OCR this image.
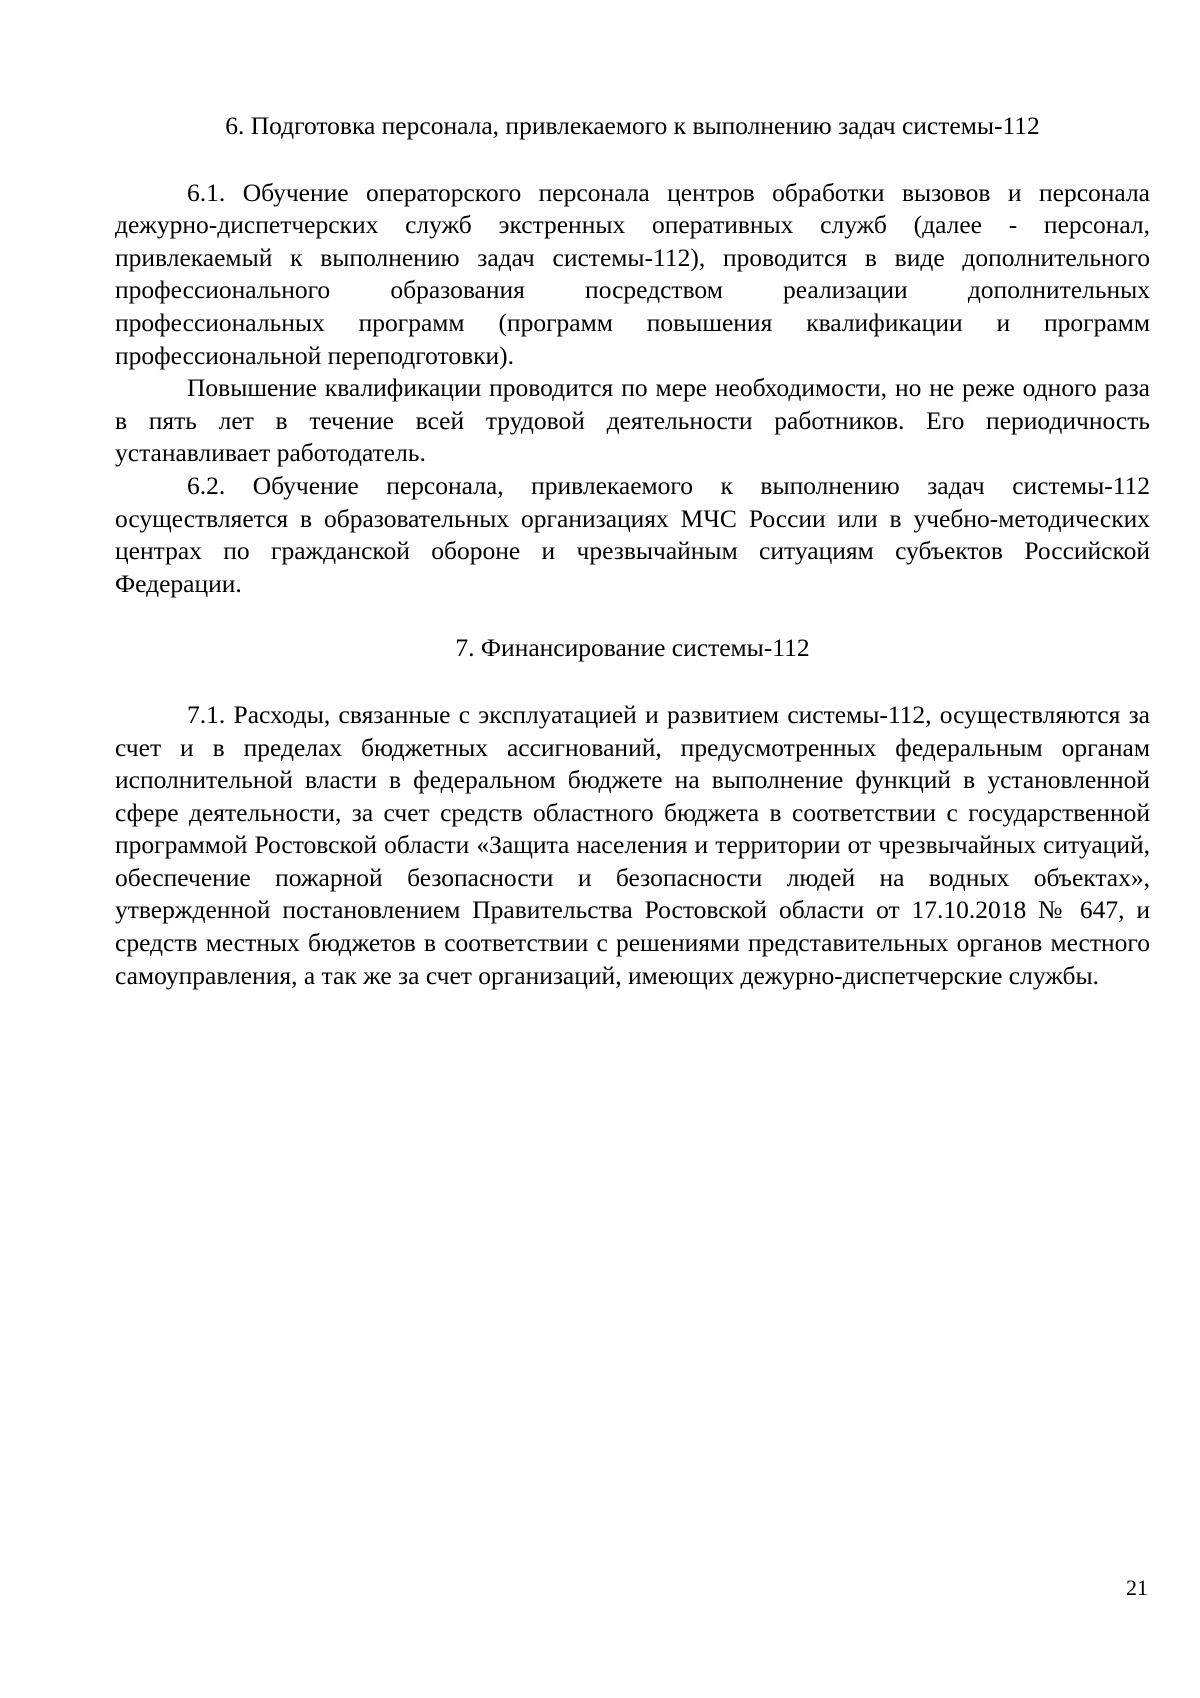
6. Подготовка персонала, привлекаемого к выполнению задач системы-112

6.1. Обучение операторского персонала центров обработки вызовов и персонала дежурно-диспетчерских служб экстренных оперативных служб (далее - персонал, привлекаемый к выполнению задач системы-112), проводится в виде дополнительного профессионального образования посредством реализации дополнительных профессиональных программ (программ повышения квалификации и программ профессиональной переподготовки).

Повышение квалификации проводится по мере необходимости, но не реже одного раза в пять лет в течение всей трудовой деятельности работников. Его периодичность устанавливает работодатель.

6.2. Обучение персонала, привлекаемого к выполнению задач системы-112 осуществляется в образовательных организациях МЧС России или в учебно-методических центрах по гражданской обороне и чрезвычайным ситуациям субъектов Российской Федерации.

7. Финансирование системы-112

7.1. Расходы, связанные с эксплуатацией и развитием системы-112, осуществляются за счет и в пределах бюджетных ассигнований, предусмотренных федеральным органам исполнительной власти в федеральном бюджете на выполнение функций в установленной сфере деятельности, за счет средств областного бюджета в соответствии с государственной программой Ростовской области «Защита населения и территории от чрезвычайных ситуаций, обеспечение пожарной безопасности и безопасности людей на водных объектах», утвержденной постановлением Правительства Ростовской области от 17.10.2018 № 647, и средств местных бюджетов в соответствии с решениями представительных органов местного самоуправления, а так же за счет организаций, имеющих дежурно-диспетчерские службы.

21
